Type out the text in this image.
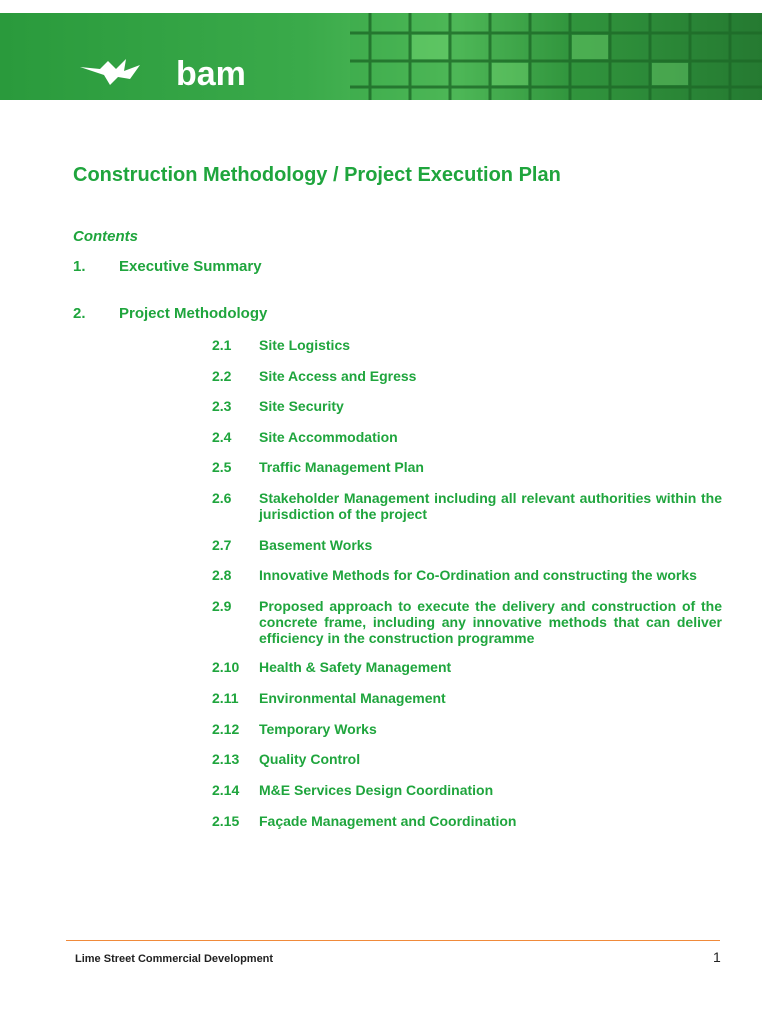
bam
Construction Methodology / Project Execution Plan
Contents
1. Executive Summary
2. Project Methodology
2.1	Site Logistics
2.2	Site Access and Egress
2.3	Site Security
2.4	Site Accommodation
2.5	Traffic Management Plan
2.6	Stakeholder Management including all relevant authorities within the jurisdiction of the project
2.7	Basement Works
2.8	Innovative Methods for Co-Ordination and constructing the works
2.9	Proposed approach to execute the delivery and construction of the concrete frame, including any innovative methods that can deliver efficiency in the construction programme
2.10	Health & Safety Management
2.11	Environmental Management
2.12	Temporary Works
2.13	Quality Control
2.14	M&E Services Design Coordination
2.15	Façade Management and Coordination
Lime Street Commercial Development	1
